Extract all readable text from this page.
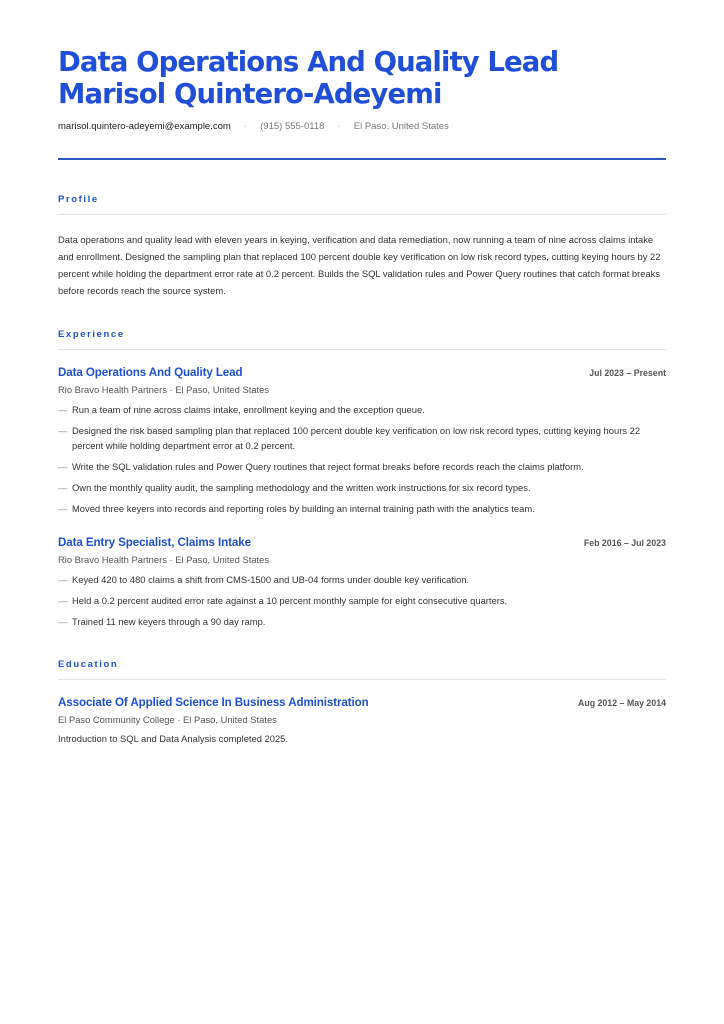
Data Operations And Quality Lead Marisol Quintero-Adeyemi
marisol.quintero-adeyemi@example.com · (915) 555-0118 · El Paso, United States
Profile

Data operations and quality lead with eleven years in keying, verification and data remediation, now running a team of nine across claims intake and enrollment. Designed the sampling plan that replaced 100 percent double key verification on low risk record types, cutting keying hours by 22 percent while holding the department error rate at 0.2 percent. Builds the SQL validation rules and Power Query routines that catch format breaks before records reach the source system.

Experience
Data Operations And Quality Lead	Jul 2023 – Present
Rio Bravo Health Partners · El Paso, United States
— Run a team of nine across claims intake, enrollment keying and the exception queue.
— Designed the risk based sampling plan that replaced 100 percent double key verification on low risk record types, cutting keying hours 22 percent while holding department error at 0.2 percent.
— Write the SQL validation rules and Power Query routines that reject format breaks before records reach the claims platform.
— Own the monthly quality audit, the sampling methodology and the written work instructions for six record types.
— Moved three keyers into records and reporting roles by building an internal training path with the analytics team.
Data Entry Specialist, Claims Intake	Feb 2016 – Jul 2023
Rio Bravo Health Partners · El Paso, United States
— Keyed 420 to 480 claims a shift from CMS-1500 and UB-04 forms under double key verification.
— Held a 0.2 percent audited error rate against a 10 percent monthly sample for eight consecutive quarters.
— Trained 11 new keyers through a 90 day ramp.
Education
Associate Of Applied Science In Business Administration	Aug 2012 – May 2014
El Paso Community College · El Paso, United States
Introduction to SQL and Data Analysis completed 2025.
